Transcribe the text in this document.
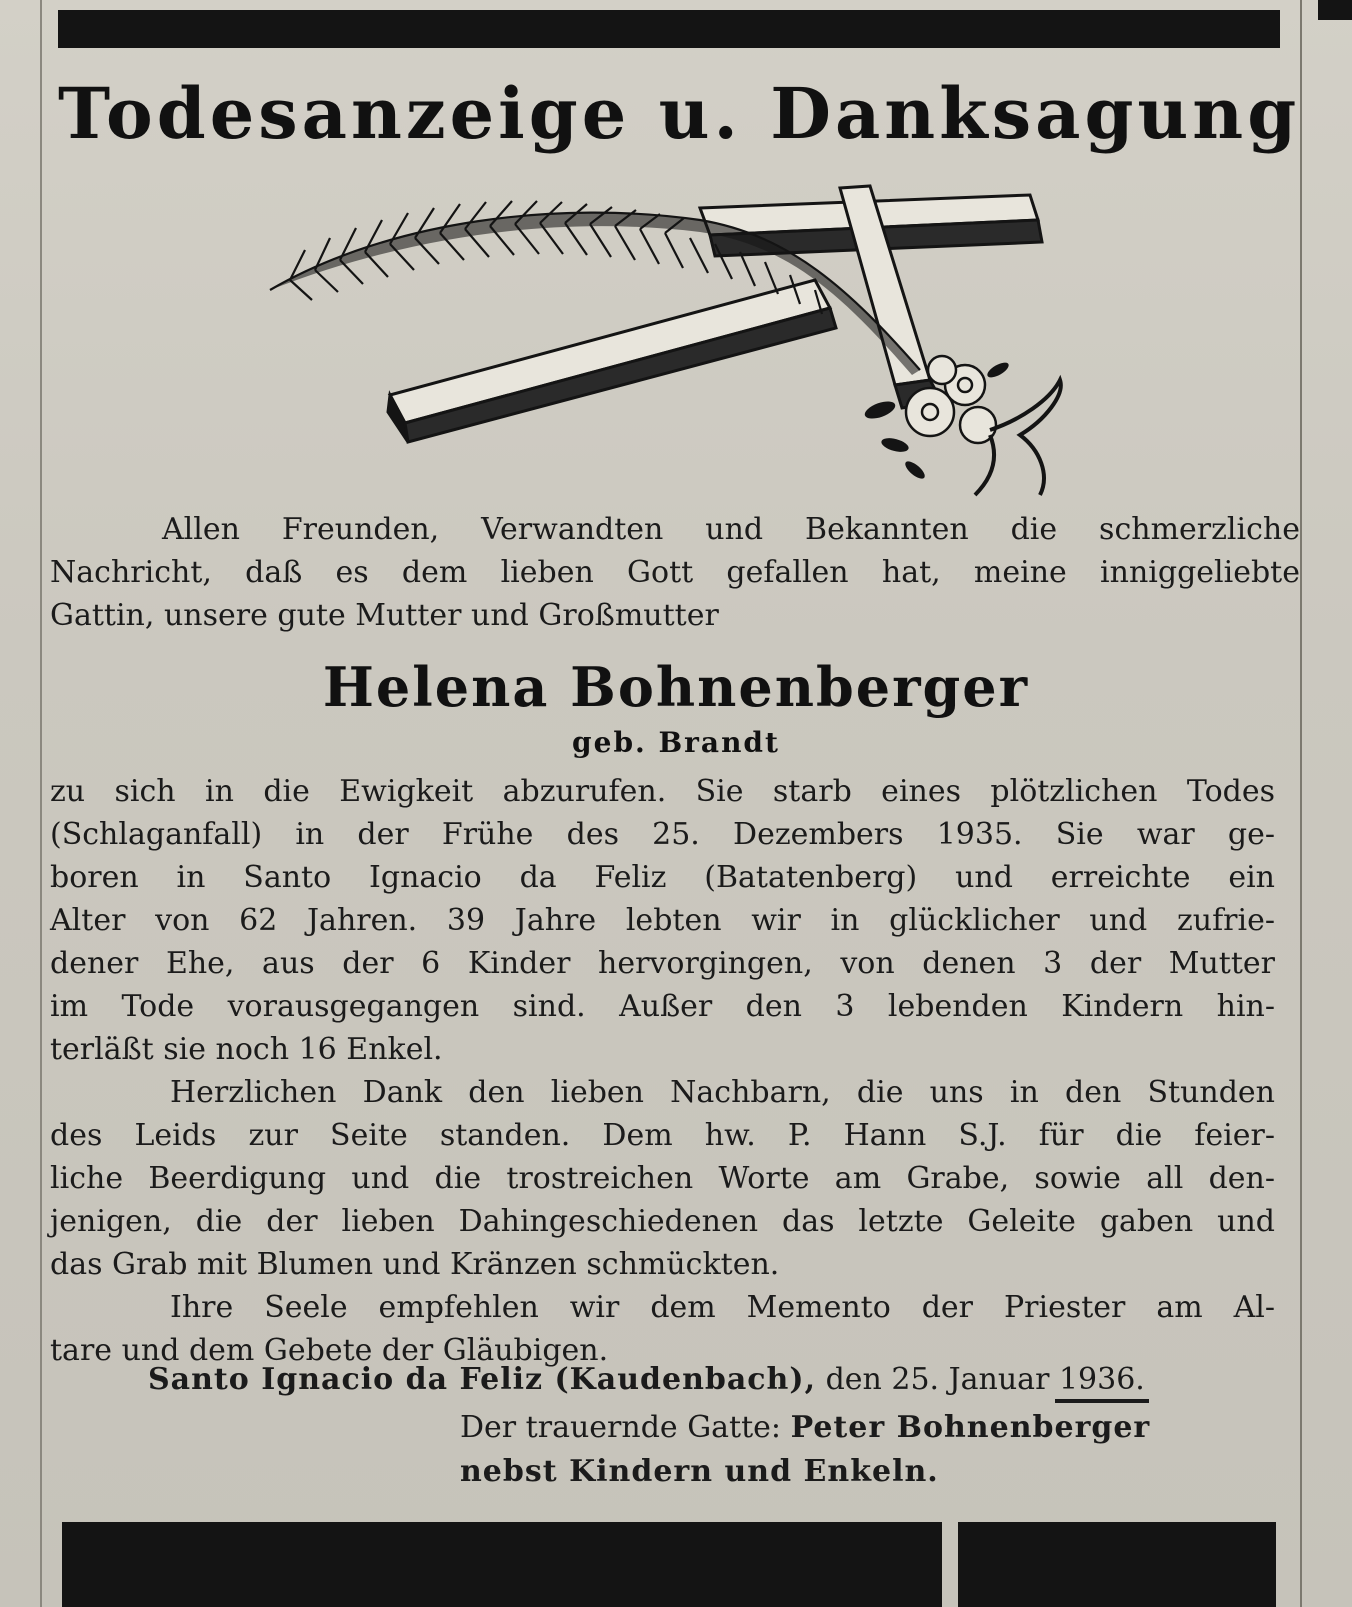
Todesanzeige u. Danksagung
Allen Freunden, Verwandten und Bekannten die schmerzliche
Nachricht, daß es dem lieben Gott gefallen hat, meine inniggeliebte
Gattin, unsere gute Mutter und Großmutter
Helena Bohnenberger
geb. Brandt
zu sich in die Ewigkeit abzurufen. Sie starb eines plötzlichen Todes
(Schlaganfall) in der Frühe des 25. Dezembers 1935. Sie war ge-
boren in Santo Ignacio da Feliz (Batatenberg) und erreichte ein
Alter von 62 Jahren. 39 Jahre lebten wir in glücklicher und zufrie-
dener Ehe, aus der 6 Kinder hervorgingen, von denen 3 der Mutter
im Tode vorausgegangen sind. Außer den 3 lebenden Kindern hin-
terläßt sie noch 16 Enkel.
Herzlichen Dank den lieben Nachbarn, die uns in den Stunden
des Leids zur Seite standen. Dem hw. P. Hann S.J. für die feier-
liche Beerdigung und die trostreichen Worte am Grabe, sowie all den-
jenigen, die der lieben Dahingeschiedenen das letzte Geleite gaben und
das Grab mit Blumen und Kränzen schmückten.
Ihre Seele empfehlen wir dem Memento der Priester am Al-
tare und dem Gebete der Gläubigen.
Santo Ignacio da Feliz (Kaudenbach), den 25. Januar 1936.
Der trauernde Gatte: Peter Bohnenberger
nebst Kindern und Enkeln.
